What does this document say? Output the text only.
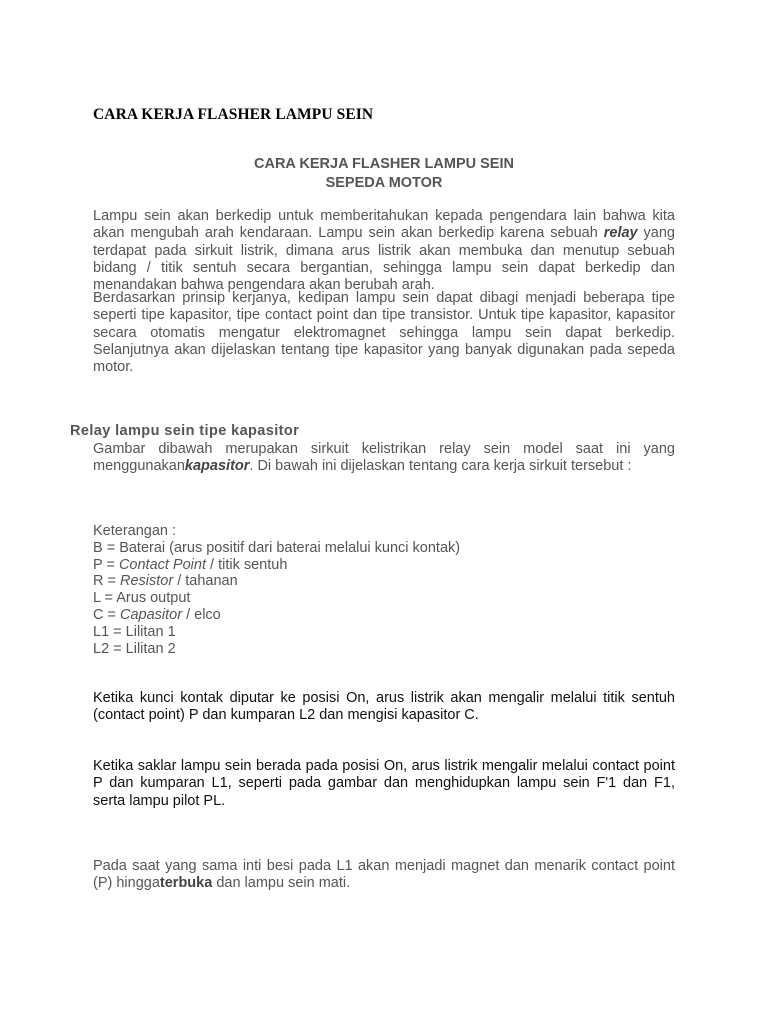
CARA KERJA FLASHER LAMPU SEIN
CARA KERJA FLASHER LAMPU SEIN
SEPEDA MOTOR

Lampu sein akan berkedip untuk memberitahukan kepada pengendara lain bahwa kita akan mengubah arah kendaraan. Lampu sein akan berkedip karena sebuah relay yang terdapat pada sirkuit listrik, dimana arus listrik akan membuka dan menutup sebuah bidang / titik sentuh secara bergantian, sehingga lampu sein dapat berkedip dan menandakan bahwa pengendara akan berubah arah.

Berdasarkan prinsip kerjanya, kedipan lampu sein dapat dibagi menjadi beberapa tipe seperti tipe kapasitor, tipe contact point dan tipe transistor. Untuk tipe kapasitor, kapasitor secara otomatis mengatur elektromagnet sehingga lampu sein dapat berkedip. Selanjutnya akan dijelaskan tentang tipe kapasitor yang banyak digunakan pada sepeda motor.

Relay lampu sein tipe kapasitor

Gambar dibawah merupakan sirkuit kelistrikan relay sein model saat ini yang menggunakankapasitor. Di bawah ini dijelaskan tentang cara kerja sirkuit tersebut :

Keterangan :
B = Baterai (arus positif dari baterai melalui kunci kontak)
P = Contact Point / titik sentuh
R = Resistor / tahanan
L = Arus output
C = Capasitor / elco
L1 = Lilitan 1
L2 = Lilitan 2

Ketika kunci kontak diputar ke posisi On, arus listrik akan mengalir melalui titik sentuh (contact point) P dan kumparan L2 dan mengisi kapasitor C.

Ketika saklar lampu sein berada pada posisi On, arus listrik mengalir melalui contact point P dan kumparan L1, seperti pada gambar dan menghidupkan lampu sein F'1 dan F1, serta lampu pilot PL.

Pada saat yang sama inti besi pada L1 akan menjadi magnet dan menarik contact point (P) hinggaterbuka dan lampu sein mati.
